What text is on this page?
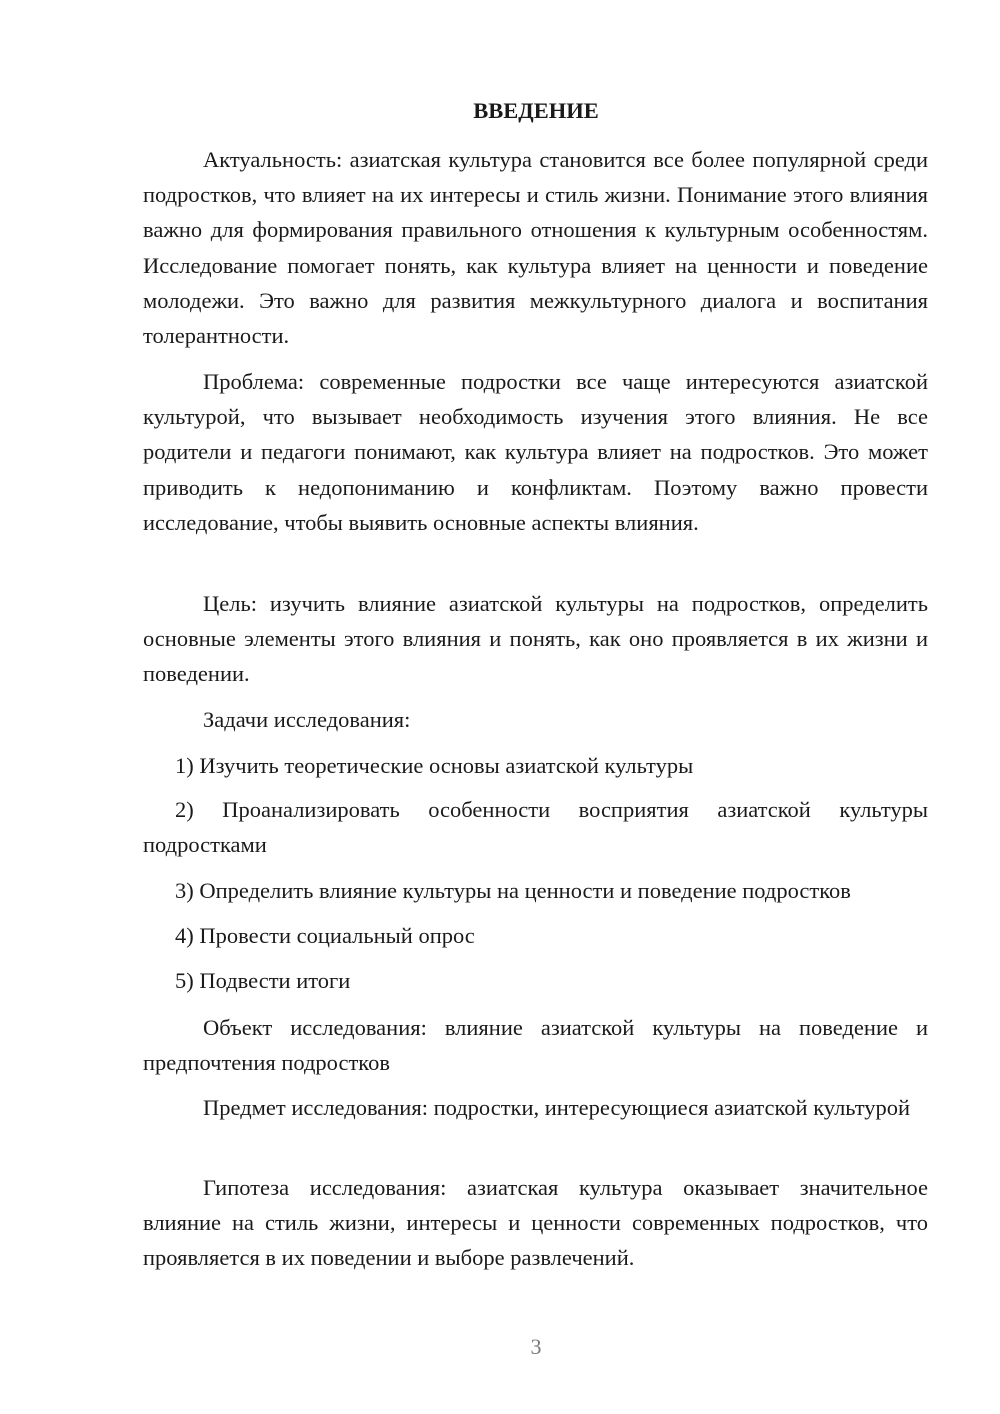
ВВЕДЕНИЕ

Актуальность: азиатская культура становится все более популярной среди подростков, что влияет на их интересы и стиль жизни. Понимание этого влияния важно для формирования правильного отношения к культурным особенностям. Исследование помогает понять, как культура влияет на ценности и поведение молодежи. Это важно для развития межкультурного диалога и воспитания толерантности.

Проблема: современные подростки все чаще интересуются азиатской культурой, что вызывает необходимость изучения этого влияния. Не все родители и педагоги понимают, как культура влияет на подростков. Это может приводить к недопониманию и конфликтам. Поэтому важно провести исследование, чтобы выявить основные аспекты влияния.

Цель: изучить влияние азиатской культуры на подростков, определить основные элементы этого влияния и понять, как оно проявляется в их жизни и поведении.

Задачи исследования:

1) Изучить теоретические основы азиатской культуры

2) Проанализировать особенности восприятия азиатской культуры подростками

3) Определить влияние культуры на ценности и поведение подростков

4) Провести социальный опрос

5) Подвести итоги

Объект исследования: влияние азиатской культуры на поведение и предпочтения подростков

Предмет исследования: подростки, интересующиеся азиатской культурой

Гипотеза исследования: азиатская культура оказывает значительное влияние на стиль жизни, интересы и ценности современных подростков, что проявляется в их поведении и выборе развлечений.

3
